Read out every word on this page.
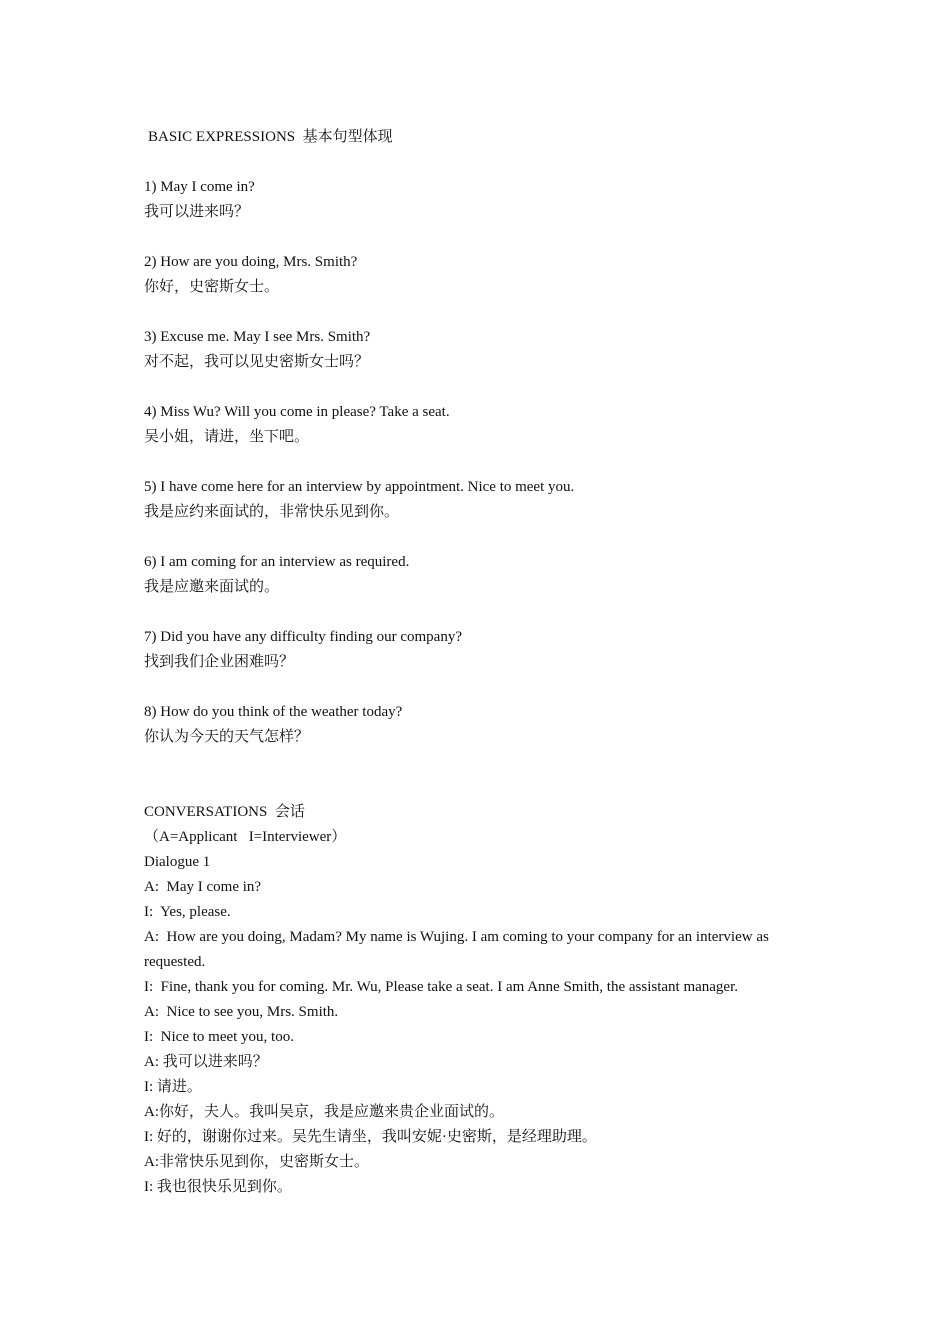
BASIC EXPRESSIONS  基本句型体现
1) May I come in?
我可以进来吗？
2) How are you doing, Mrs. Smith?
你好，史密斯女士。
3) Excuse me. May I see Mrs. Smith?
对不起，我可以见史密斯女士吗？
4) Miss Wu? Will you come in please? Take a seat.
吴小姐，请进，坐下吧。
5) I have come here for an interview by appointment. Nice to meet you.
我是应约来面试的，非常快乐见到你。
6) I am coming for an interview as required.
我是应邀来面试的。
7) Did you have any difficulty finding our company?
找到我们企业困难吗？
8) How do you think of the weather today?
你认为今天的天气怎样？
CONVERSATIONS  会话
（A=Applicant   I=Interviewer）
Dialogue 1
A:  May I come in?
I:  Yes, please.
A:  How are you doing, Madam? My name is Wujing. I am coming to your company for an interview as requested.
I:  Fine, thank you for coming. Mr. Wu, Please take a seat. I am Anne Smith, the assistant manager.
A:  Nice to see you, Mrs. Smith.
I:  Nice to meet you, too.
A: 我可以进来吗？
I: 请进。
A:你好，夫人。我叫吴京，我是应邀来贵企业面试的。
I: 好的，谢谢你过来。吴先生请坐，我叫安妮·史密斯，是经理助理。
A:非常快乐见到你，史密斯女士。
I: 我也很快乐见到你。
